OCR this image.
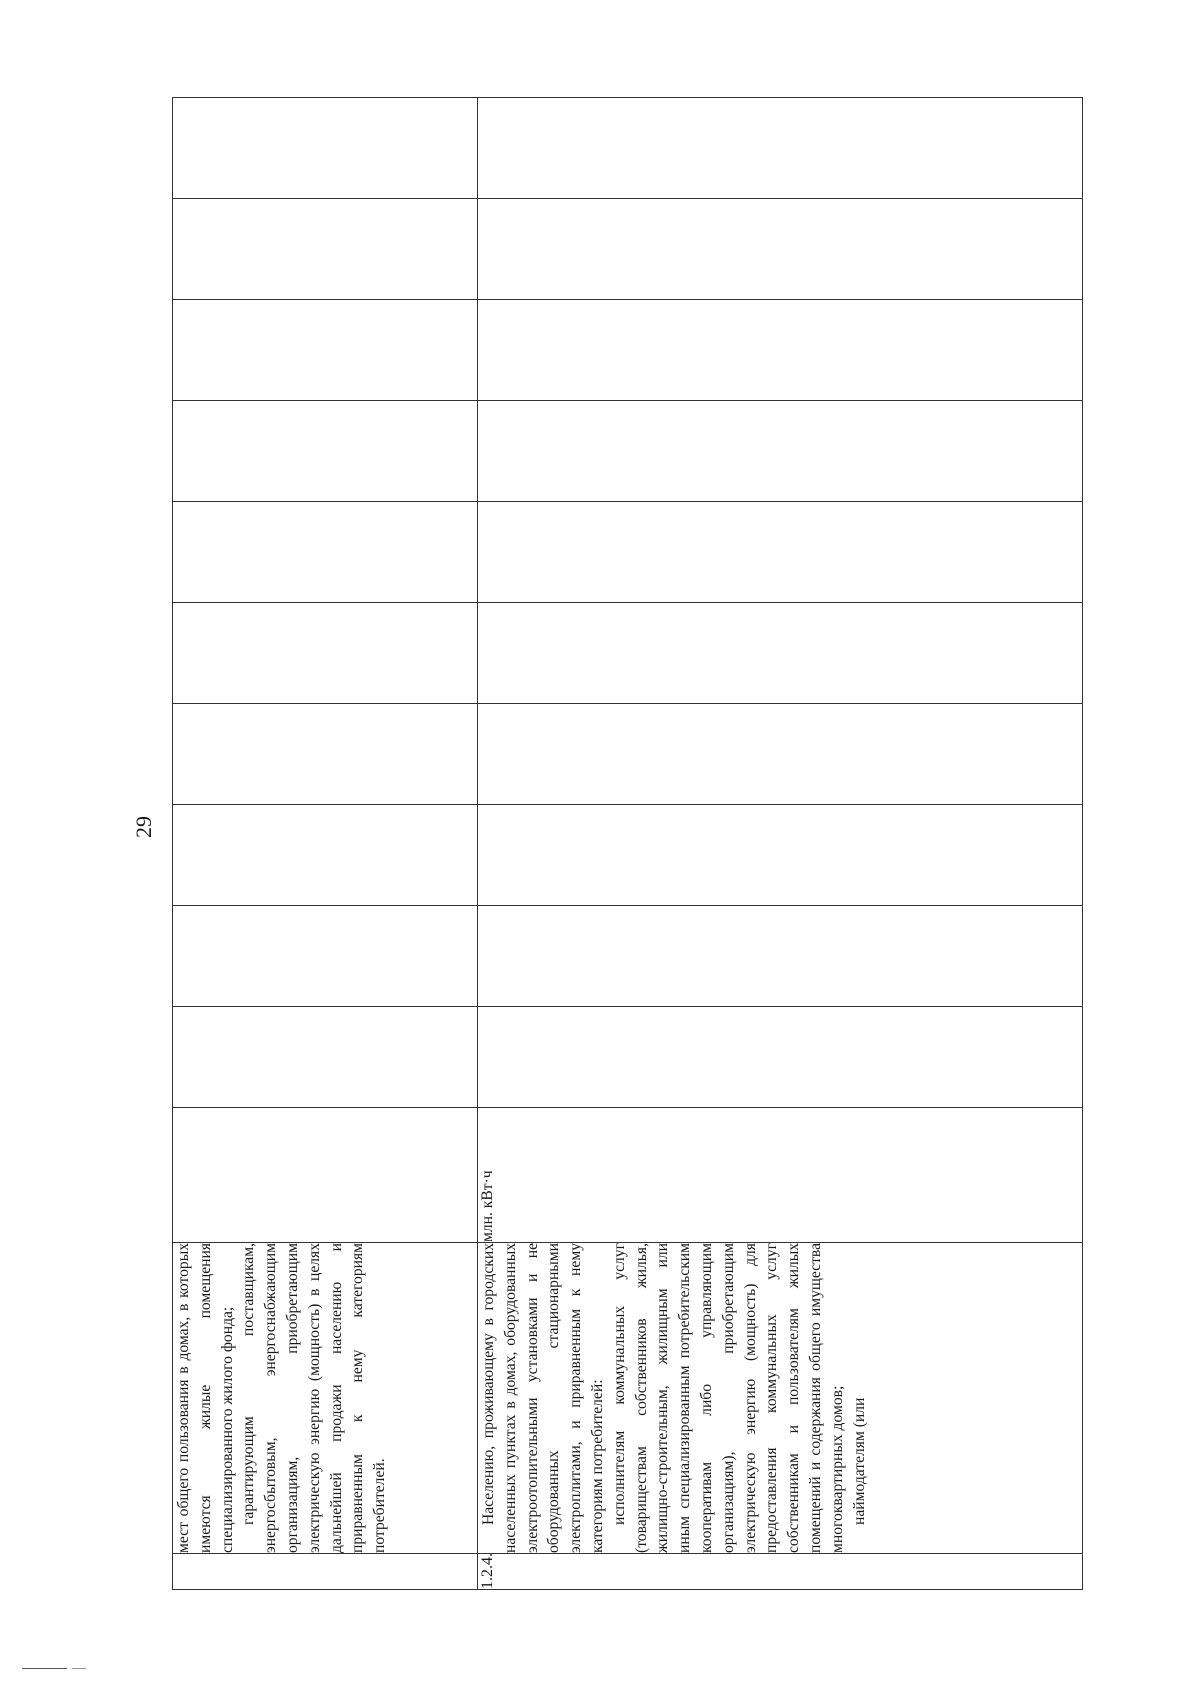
29

	мест общего пользования в домах, в которых имеются жилые помещения специализированного жилого фонда; гарантирующим поставщикам, энергосбытовым, энергоснабжающим организациям, приобретающим электрическую энергию (мощность) в целях дальнейшей продажи населению и приравненным к нему категориям потребителей.											

1.2.4.	Населению, проживающему в городских населенных пунктах в домах, оборудованных электроотопительными установками и не оборудованных стационарными электроплитами, и приравненным к нему категориям потребителей: исполнителям коммунальных услуг (товариществам собственников жилья, жилищно-строительным, жилищным или иным специализированным потребительским кооперативам либо управляющим организациям), приобретающим электрическую энергию (мощность) для предоставления коммунальных услуг собственникам и пользователям жилых помещений и содержания общего имущества многоквартирных домов; наймодателям (или	млн. кВт·ч										
